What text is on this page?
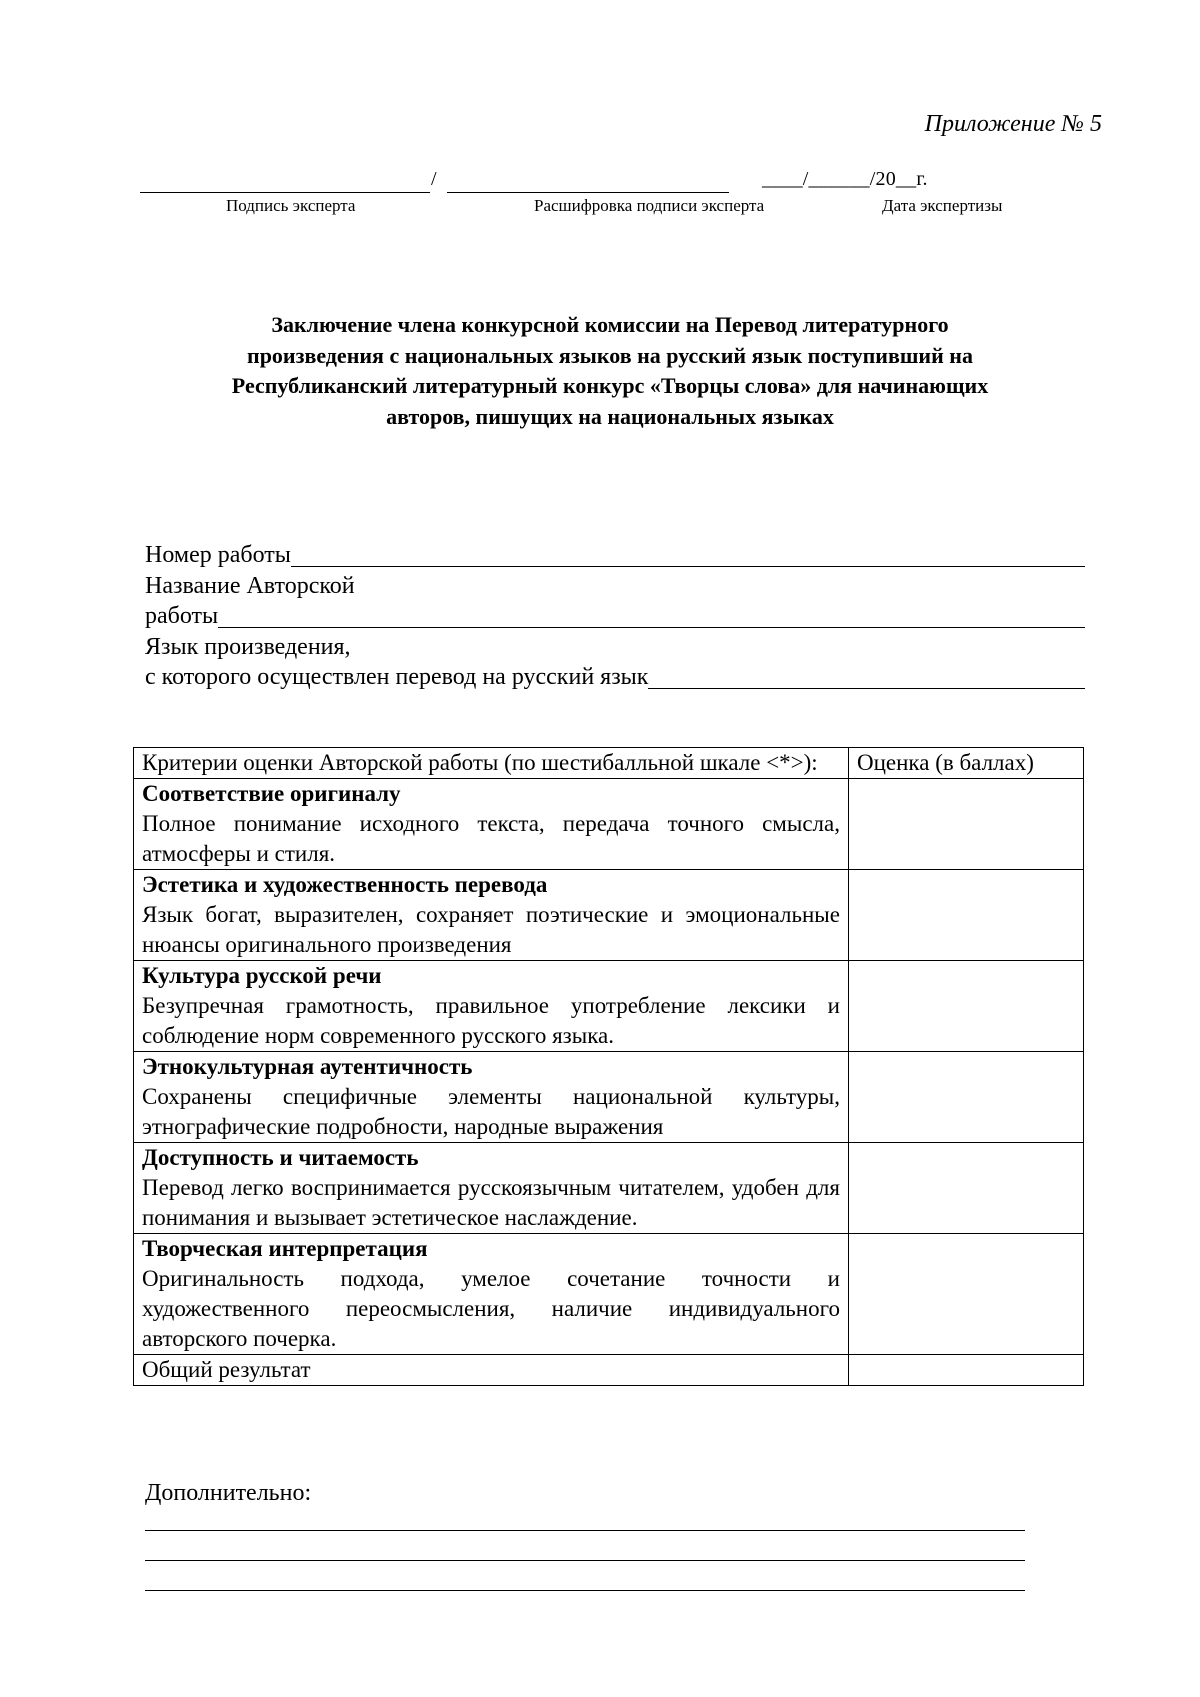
Приложение № 5

/	____/______/20__г.
Подпись эксперта	Расшифровка подписи эксперта	Дата экспертизы
Заключение члена конкурсной комиссии на Перевод литературного
произведения с национальных языков на русский язык поступивший на
Республиканский литературный конкурс «Творцы слова» для начинающих
авторов, пишущих на национальных языках
Номер работы
Название Авторской
работы
Язык произведения,
с которого осуществлен перевод на русский язык
Критерии оценки Авторской работы (по шестибалльной шкале <*>):	Оценка (в баллах)

Соответствие оригиналу
Полное понимание исходного текста, передача точного смысла, атмосферы и стиля.	

Эстетика и художественность перевода
Язык богат, выразителен, сохраняет поэтические и эмоциональные нюансы оригинального произведения	

Культура русской речи
Безупречная грамотность, правильное употребление лексики и соблюдение норм современного русского языка.	

Этнокультурная аутентичность
Сохранены специфичные элементы национальной культуры, этнографические подробности, народные выражения	

Доступность и читаемость
Перевод легко воспринимается русскоязычным читателем, удобен для понимания и вызывает эстетическое наслаждение.	

Творческая интерпретация
Оригинальность подхода, умелое сочетание точности и художественного переосмысления, наличие индивидуального авторского почерка.	

Общий результат	
Дополнительно:
